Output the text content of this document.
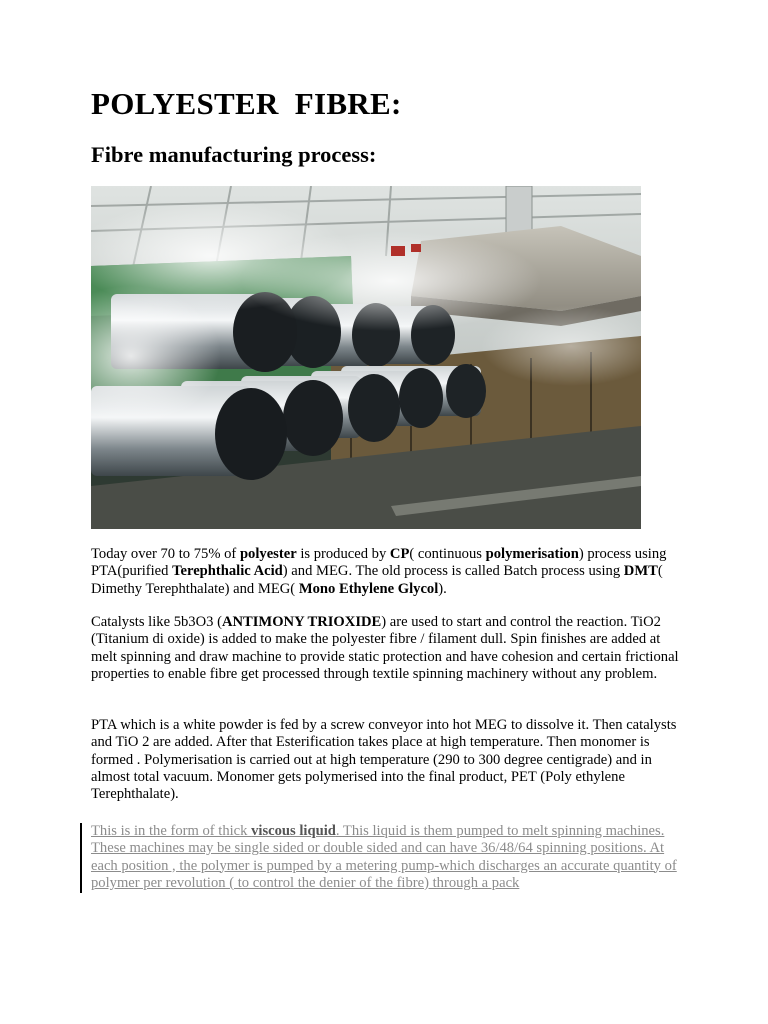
POLYESTER  FIBRE:
Fibre manufacturing process:

Today over 70 to 75% of polyester is produced by CP( continuous polymerisation) process using PTA(purified Terephthalic Acid) and MEG. The old process is called Batch process using DMT( Dimethy Terephthalate) and MEG( Mono Ethylene Glycol).

Catalysts like 5b3O3 (ANTIMONY TRIOXIDE) are used to start and control the reaction. TiO2 (Titanium di oxide) is added to make the polyester fibre / filament dull. Spin finishes are added at melt spinning and draw machine to provide static protection and have cohesion and certain frictional properties to enable fibre get processed through textile spinning machinery without any problem.

PTA which is a white powder is fed by a screw conveyor into hot MEG to dissolve it. Then catalysts and TiO 2 are added. After that Esterification takes place at high temperature. Then monomer is formed . Polymerisation is carried out at high temperature (290 to 300 degree centigrade) and in almost total vacuum. Monomer gets polymerised into the final product, PET (Poly ethylene Terephthalate).

This is in the form of thick viscous liquid. This liquid is them pumped to melt spinning machines. These machines may be single sided or double sided and can have 36/48/64 spinning positions. At each position , the polymer is pumped by a metering pump-which discharges an accurate quantity of polymer per revolution ( to control the denier of the fibre) through a pack
